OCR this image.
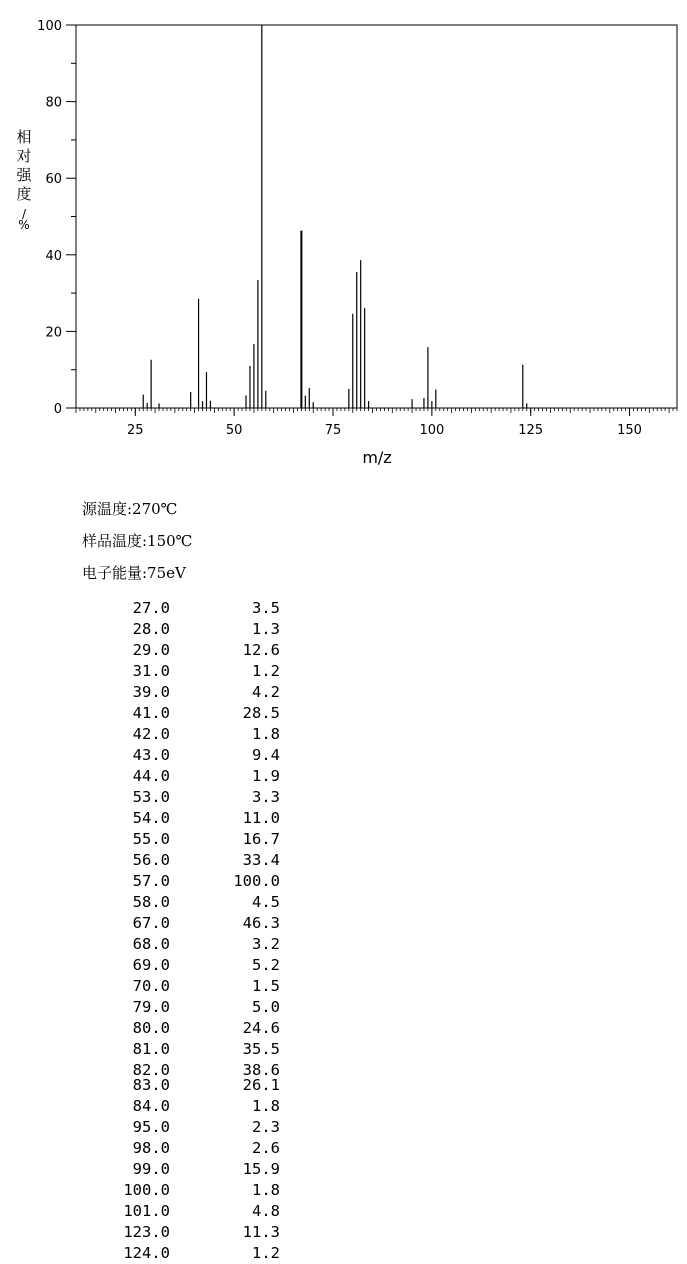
25	50	75	100	125	150
0
20
40
60
80
100
m/z
相对强度/ %
源温度:270℃
样品温度:150℃
电子能量:75eV
27.0	3.5
28.0	1.3
29.0	12.6
31.0	1.2
39.0	4.2
41.0	28.5
42.0	1.8
43.0	9.4
44.0	1.9
53.0	3.3
54.0	11.0
55.0	16.7
56.0	33.4
57.0	100.0
58.0	4.5
67.0	46.3
68.0	3.2
69.0	5.2
70.0	1.5
79.0	5.0
80.0	24.6
81.0	35.5
82.0	38.6
83.0	26.1
84.0	1.8
95.0	2.3
98.0	2.6
99.0	15.9
100.0	1.8
101.0	4.8
123.0	11.3
124.0	1.2
